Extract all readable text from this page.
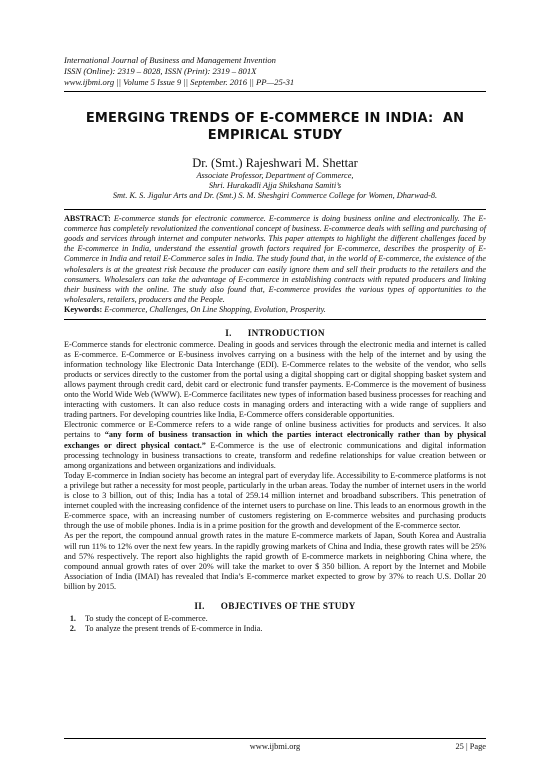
International Journal of Business and Management Invention
ISSN (Online): 2319 – 8028, ISSN (Print): 2319 – 801X
www.ijbmi.org || Volume 5 Issue 9 || September. 2016 || PP—25-31
EMERGING TRENDS OF E-COMMERCE IN INDIA:  AN
EMPIRICAL STUDY
Dr. (Smt.) Rajeshwari M. Shettar
Associate Professor, Department of Commerce,
Shri. Hurakadli Ajja Shikshana Samiti’s
Smt. K. S. Jigalur Arts and Dr. (Smt.) S. M. Sheshgiri Commerce College for Women, Dharwad-8.
ABSTRACT: E-commerce stands for electronic commerce. E-commerce is doing business online and electronically. The E-commerce has completely revolutionized the conventional concept of business. E-commerce deals with selling and purchasing of goods and services through internet and computer networks. This paper attempts to highlight the different challenges faced by the E-commerce in India, understand the essential growth factors required for E-commerce, describes the prosperity of E-Commerce in India and retail E-Commerce sales in India. The study found that, in the world of E-commerce, the existence of the wholesalers is at the greatest risk because the producer can easily ignore them and sell their products to the retailers and the consumers. Wholesalers can take the advantage of E-commerce in establishing contracts with reputed producers and linking their business with the online. The study also found that, E-commerce provides the various types of opportunities to the wholesalers, retailers, producers and the People.
Keywords: E-commerce, Challenges, On Line Shopping, Evolution, Prosperity.
I. INTRODUCTION

E-Commerce stands for electronic commerce. Dealing in goods and services through the electronic media and internet is called as E-commerce. E-Commerce or E-business involves carrying on a business with the help of the internet and by using the information technology like Electronic Data Interchange (EDI). E-Commerce relates to the website of the vendor, who sells products or services directly to the customer from the portal using a digital shopping cart or digital shopping basket system and allows payment through credit card, debit card or electronic fund transfer payments. E-Commerce is the movement of business onto the World Wide Web (WWW). E-Commerce facilitates new types of information based business processes for reaching and interacting with customers. It can also reduce costs in managing orders and interacting with a wide range of suppliers and trading partners. For developing countries like India, E-Commerce offers considerable opportunities.

Electronic commerce or E-Commerce refers to a wide range of online business activities for products and services. It also pertains to “any form of business transaction in which the parties interact electronically rather than by physical exchanges or direct physical contact.” E-Commerce is the use of electronic communications and digital information processing technology in business transactions to create, transform and redefine relationships for value creation between or among organizations and between organizations and individuals.

Today E-commerce in Indian society has become an integral part of everyday life. Accessibility to E-commerce platforms is not a privilege but rather a necessity for most people, particularly in the urban areas. Today the number of internet users in the world is close to 3 billion, out of this; India has a total of 259.14 million internet and broadband subscribers. This penetration of internet coupled with the increasing confidence of the internet users to purchase on line. This leads to an enormous growth in the E-commerce space, with an increasing number of customers registering on E-commerce websites and purchasing products through the use of mobile phones. India is in a prime position for the growth and development of the E-commerce sector.

As per the report, the compound annual growth rates in the mature E-commerce markets of Japan, South Korea and Australia will run 11% to 12% over the next few years. In the rapidly growing markets of China and India, these growth rates will be 25% and 57% respectively. The report also highlights the rapid growth of E-commerce markets in neighboring China where, the compound annual growth rates of over 20% will take the market to over $ 350 billion. A report by the Internet and Mobile Association of India (IMAI) has revealed that India’s E-commerce market expected to grow by 37% to reach U.S. Dollar 20 billion by 2015.

II. OBJECTIVES OF THE STUDY
1. To study the concept of E-commerce.
2. To analyze the present trends of E-commerce in India.
www.ijbmi.org	25 | Page
